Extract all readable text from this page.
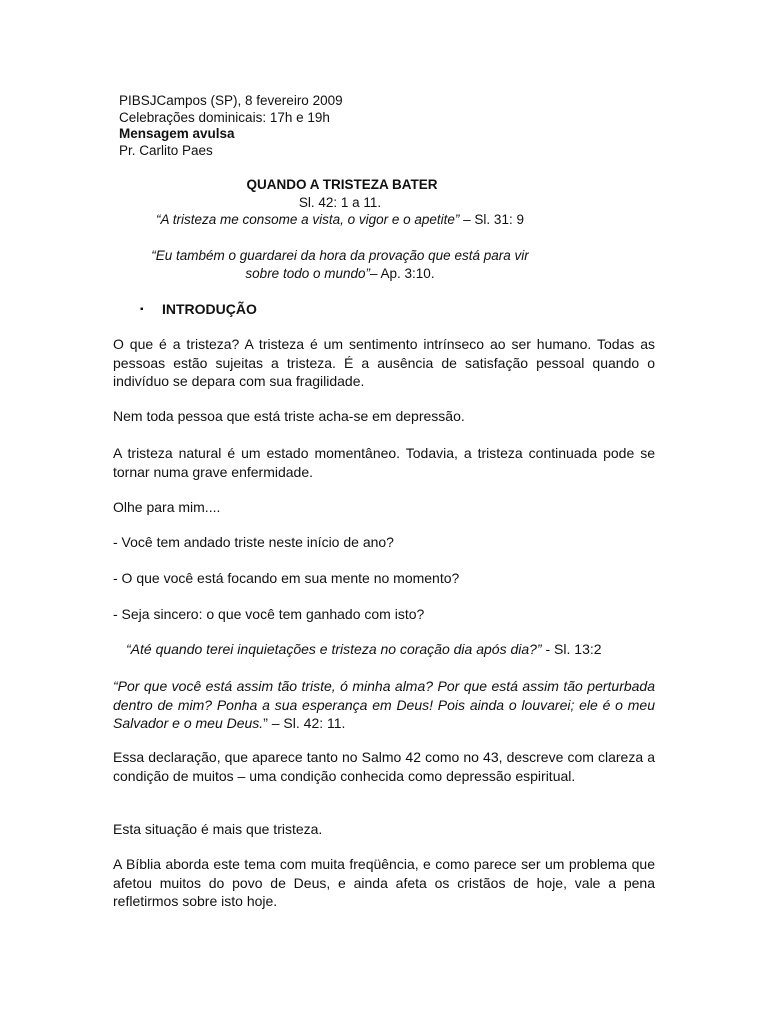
PIBSJCampos (SP), 8 fevereiro 2009
Celebrações dominicais: 17h e 19h
Mensagem avulsa
Pr. Carlito Paes
QUANDO A TRISTEZA BATER
Sl. 42: 1 a 11.
“A tristeza me consome a vista, o vigor e o apetite” – Sl. 31: 9
“Eu também o guardarei da hora da provação que está para vir
sobre todo o mundo”– Ap. 3:10.
▪ INTRODUÇÃO

O que é a tristeza? A tristeza é um sentimento intrínseco ao ser humano. Todas as pessoas estão sujeitas a tristeza. É a ausência de satisfação pessoal quando o indivíduo se depara com sua fragilidade.

Nem toda pessoa que está triste acha-se em depressão.

A tristeza natural é um estado momentâneo. Todavia, a tristeza continuada pode se tornar numa grave enfermidade.

Olhe para mim....

- Você tem andado triste neste início de ano?

- O que você está focando em sua mente no momento?

- Seja sincero: o que você tem ganhado com isto?

“Até quando terei inquietações e tristeza no coração dia após dia?” - Sl. 13:2

“Por que você está assim tão triste, ó minha alma? Por que está assim tão perturbada dentro de mim? Ponha a sua esperança em Deus! Pois ainda o louvarei; ele é o meu Salvador e o meu Deus.” – Sl. 42: 11.

Essa declaração, que aparece tanto no Salmo 42 como no 43, descreve com clareza a condição de muitos – uma condição conhecida como depressão espiritual.

Esta situação é mais que tristeza.

A Bíblia aborda este tema com muita freqüência, e como parece ser um problema que afetou muitos do povo de Deus, e ainda afeta os cristãos de hoje, vale a pena refletirmos sobre isto hoje.
